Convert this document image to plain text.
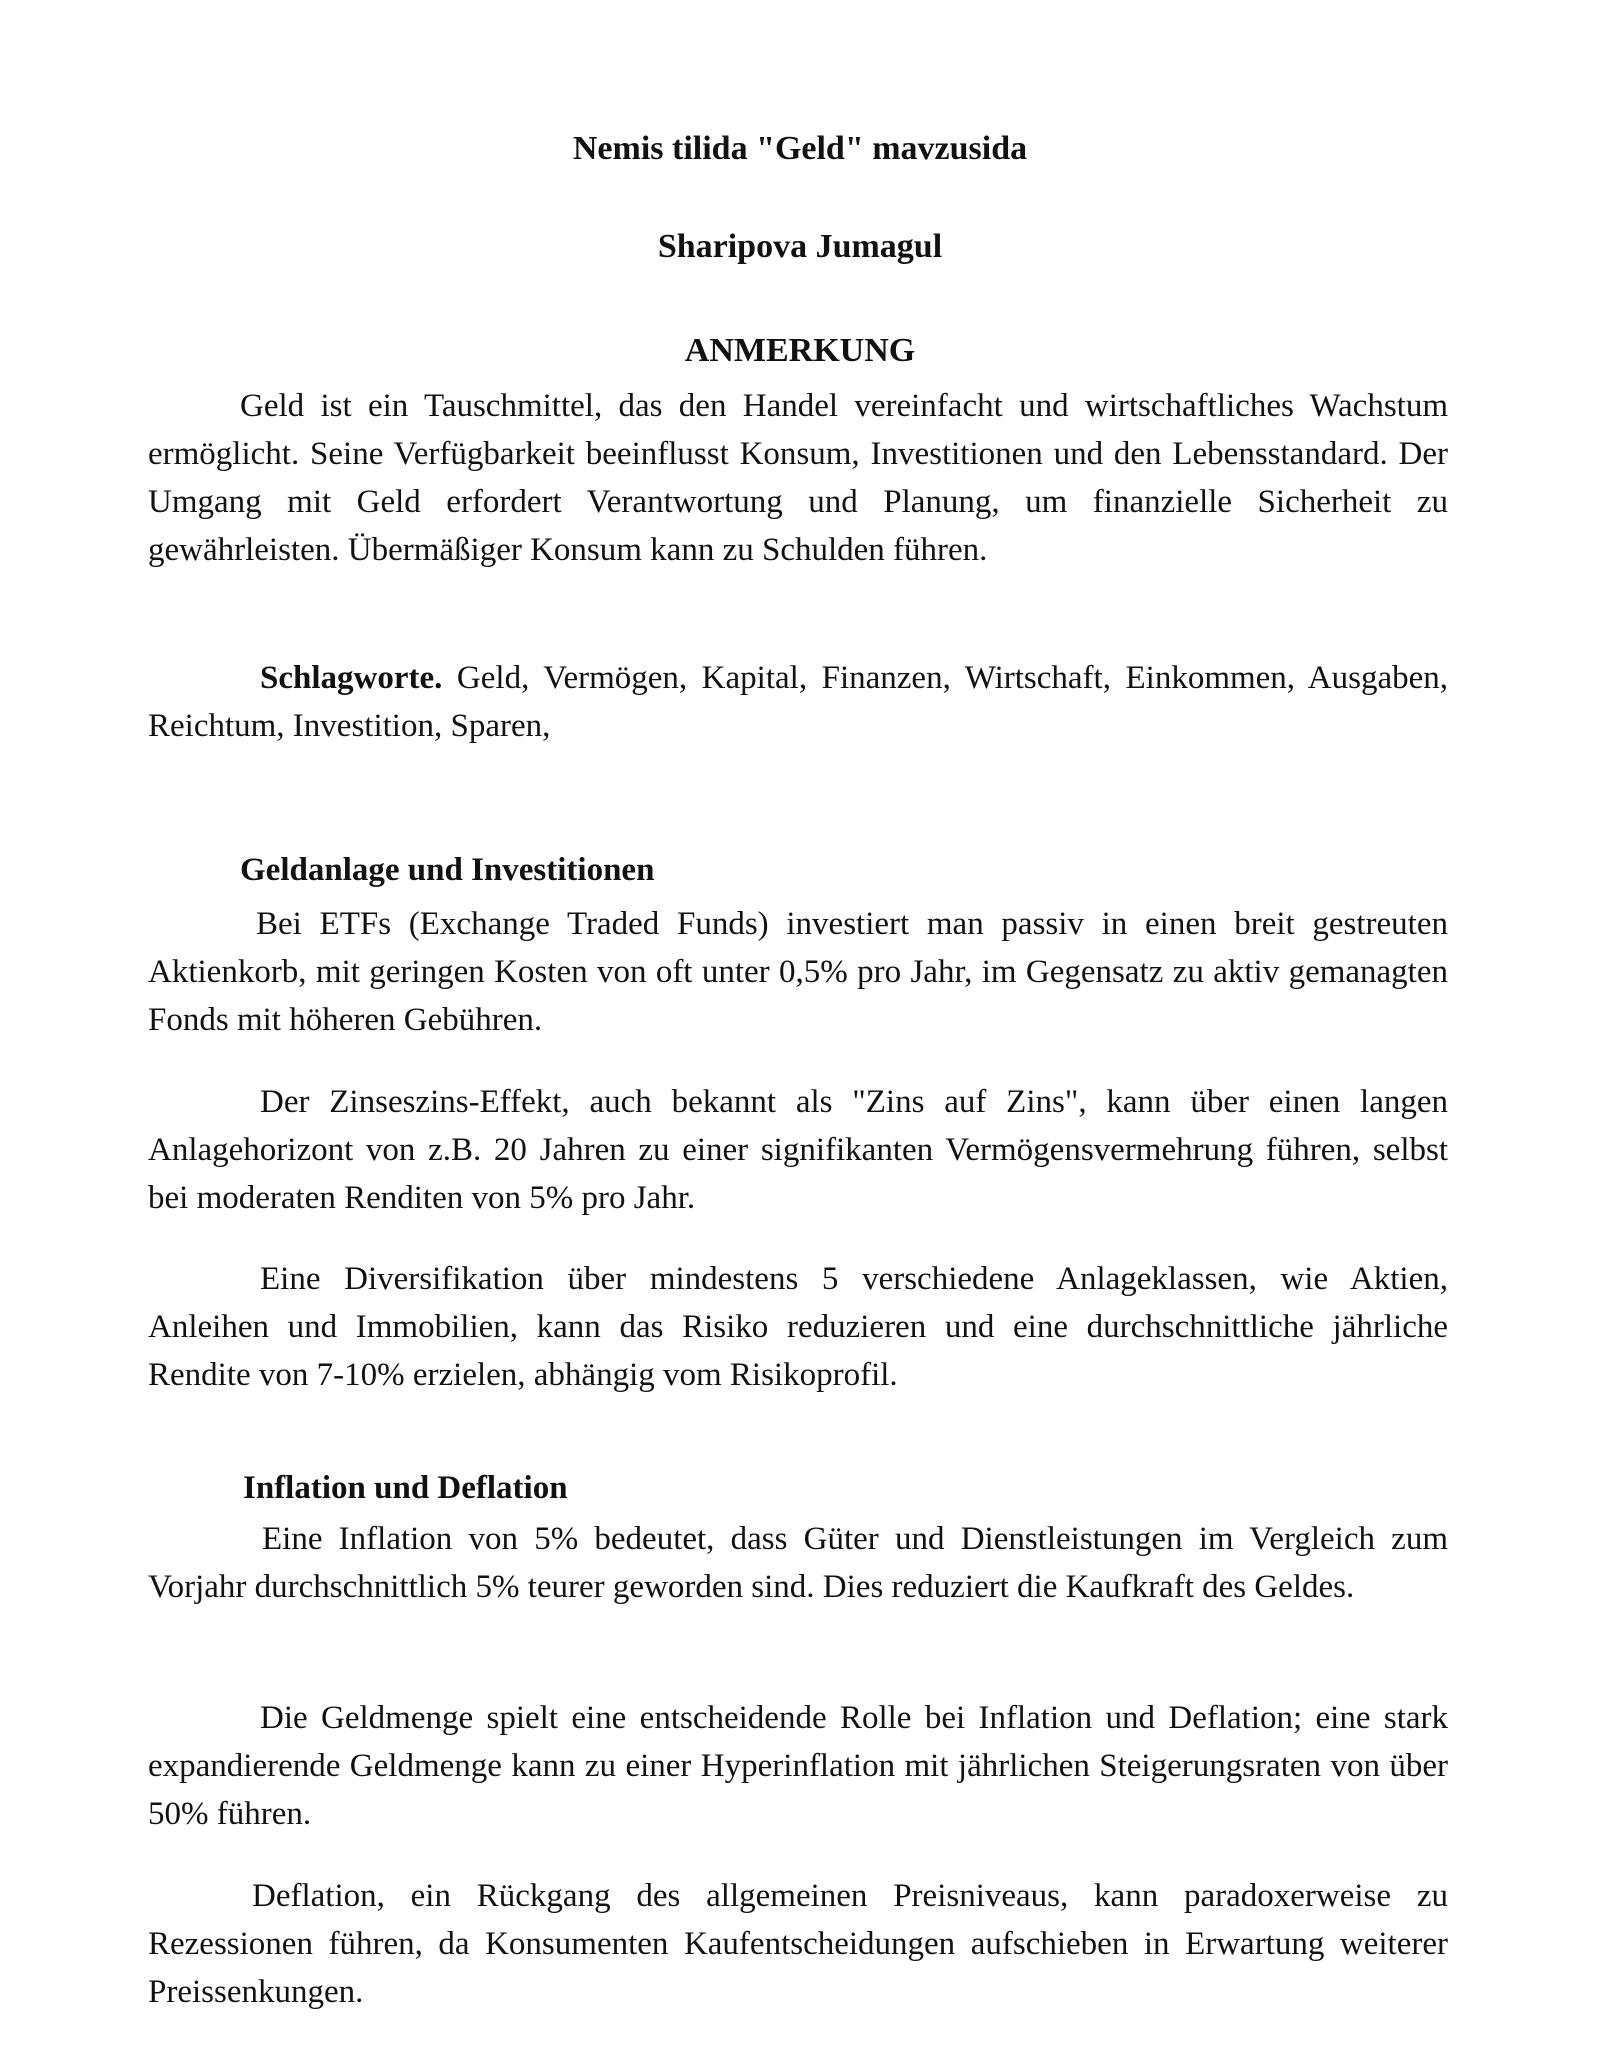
Nemis tilida "Geld" mavzusida
Sharipova Jumagul
ANMERKUNG

Geld ist ein Tauschmittel, das den Handel vereinfacht und wirtschaftliches Wachstum ermöglicht. Seine Verfügbarkeit beeinflusst Konsum, Investitionen und den Lebensstandard. Der Umgang mit Geld erfordert Verantwortung und Planung, um finanzielle Sicherheit zu gewährleisten. Übermäßiger Konsum kann zu Schulden führen.

Schlagworte. Geld, Vermögen, Kapital, Finanzen, Wirtschaft, Einkommen, Ausgaben, Reichtum, Investition, Sparen,

Geldanlage und Investitionen

Bei ETFs (Exchange Traded Funds) investiert man passiv in einen breit gestreuten Aktienkorb, mit geringen Kosten von oft unter 0,5% pro Jahr, im Gegensatz zu aktiv gemanagten Fonds mit höheren Gebühren.

Der Zinseszins-Effekt, auch bekannt als "Zins auf Zins", kann über einen langen Anlagehorizont von z.B. 20 Jahren zu einer signifikanten Vermögensvermehrung führen, selbst bei moderaten Renditen von 5% pro Jahr.

Eine Diversifikation über mindestens 5 verschiedene Anlageklassen, wie Aktien, Anleihen und Immobilien, kann das Risiko reduzieren und eine durchschnittliche jährliche Rendite von 7-10% erzielen, abhängig vom Risikoprofil.

Inflation und Deflation

Eine Inflation von 5% bedeutet, dass Güter und Dienstleistungen im Vergleich zum Vorjahr durchschnittlich 5% teurer geworden sind. Dies reduziert die Kaufkraft des Geldes.

Die Geldmenge spielt eine entscheidende Rolle bei Inflation und Deflation; eine stark expandierende Geldmenge kann zu einer Hyperinflation mit jährlichen Steigerungsraten von über 50% führen.

Deflation, ein Rückgang des allgemeinen Preisniveaus, kann paradoxerweise zu Rezessionen führen, da Konsumenten Kaufentscheidungen aufschieben in Erwartung weiterer Preissenkungen.
